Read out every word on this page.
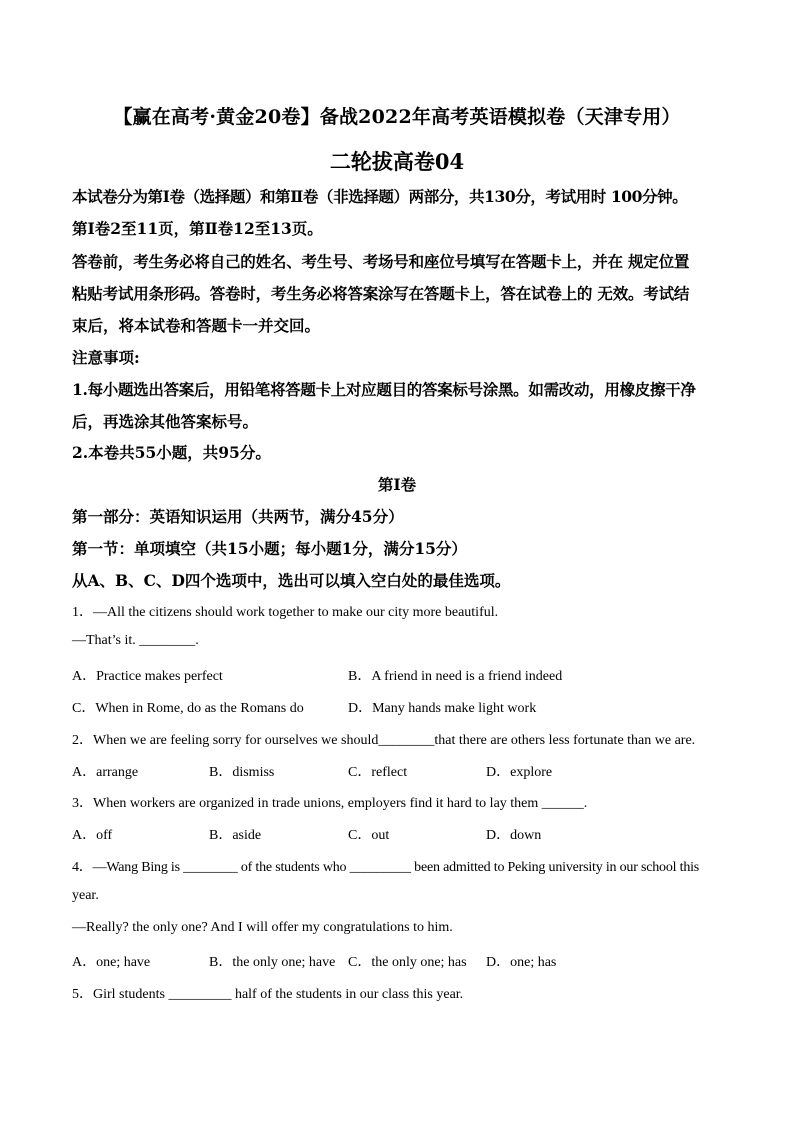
【赢在高考·黄金20卷】备战2022年高考英语模拟卷（天津专用）
二轮拔高卷04
本试卷分为第Ⅰ卷（选择题）和第Ⅱ卷（非选择题）两部分，共130分，考试用时 100分钟。
第Ⅰ卷2至11页，第Ⅱ卷12至13页。
答卷前，考生务必将自己的姓名、考生号、考场号和座位号填写在答题卡上，并在 规定位置
粘贴考试用条形码。答卷时，考生务必将答案涂写在答题卡上，答在试卷上的 无效。考试结
束后，将本试卷和答题卡一并交回。
注意事项:
1.每小题选出答案后，用铅笔将答题卡上对应题目的答案标号涂黑。如需改动，用橡皮擦干净
后，再选涂其他答案标号。
2.本卷共55小题，共95分。
第I卷
第一部分：英语知识运用（共两节，满分45分）
第一节：单项填空（共15小题；每小题1分，满分15分）
从A、B、C、D四个选项中，选出可以填入空白处的最佳选项。
1．—All the citizens should work together to make our city more beautiful.
—That’s it. ________.
A．Practice makes perfect	B．A friend in need is a friend indeed
C．When in Rome, do as the Romans do	D．Many hands make light work
2．When we are feeling sorry for ourselves we should________that there are others less fortunate than we are.
A．arrange	B．dismiss	C．reflect	D．explore
3．When workers are organized in trade unions, employers find it hard to lay them ______.
A．off	B．aside	C．out	D．down
4．—Wang Bing is ________ of the students who _________ been admitted to Peking university in our school this
year.
—Really? the only one? And I will offer my congratulations to him.
A．one; have	B．the only one; have C．the only one; has D．one; has
5．Girl students _________ half of the students in our class this year.
